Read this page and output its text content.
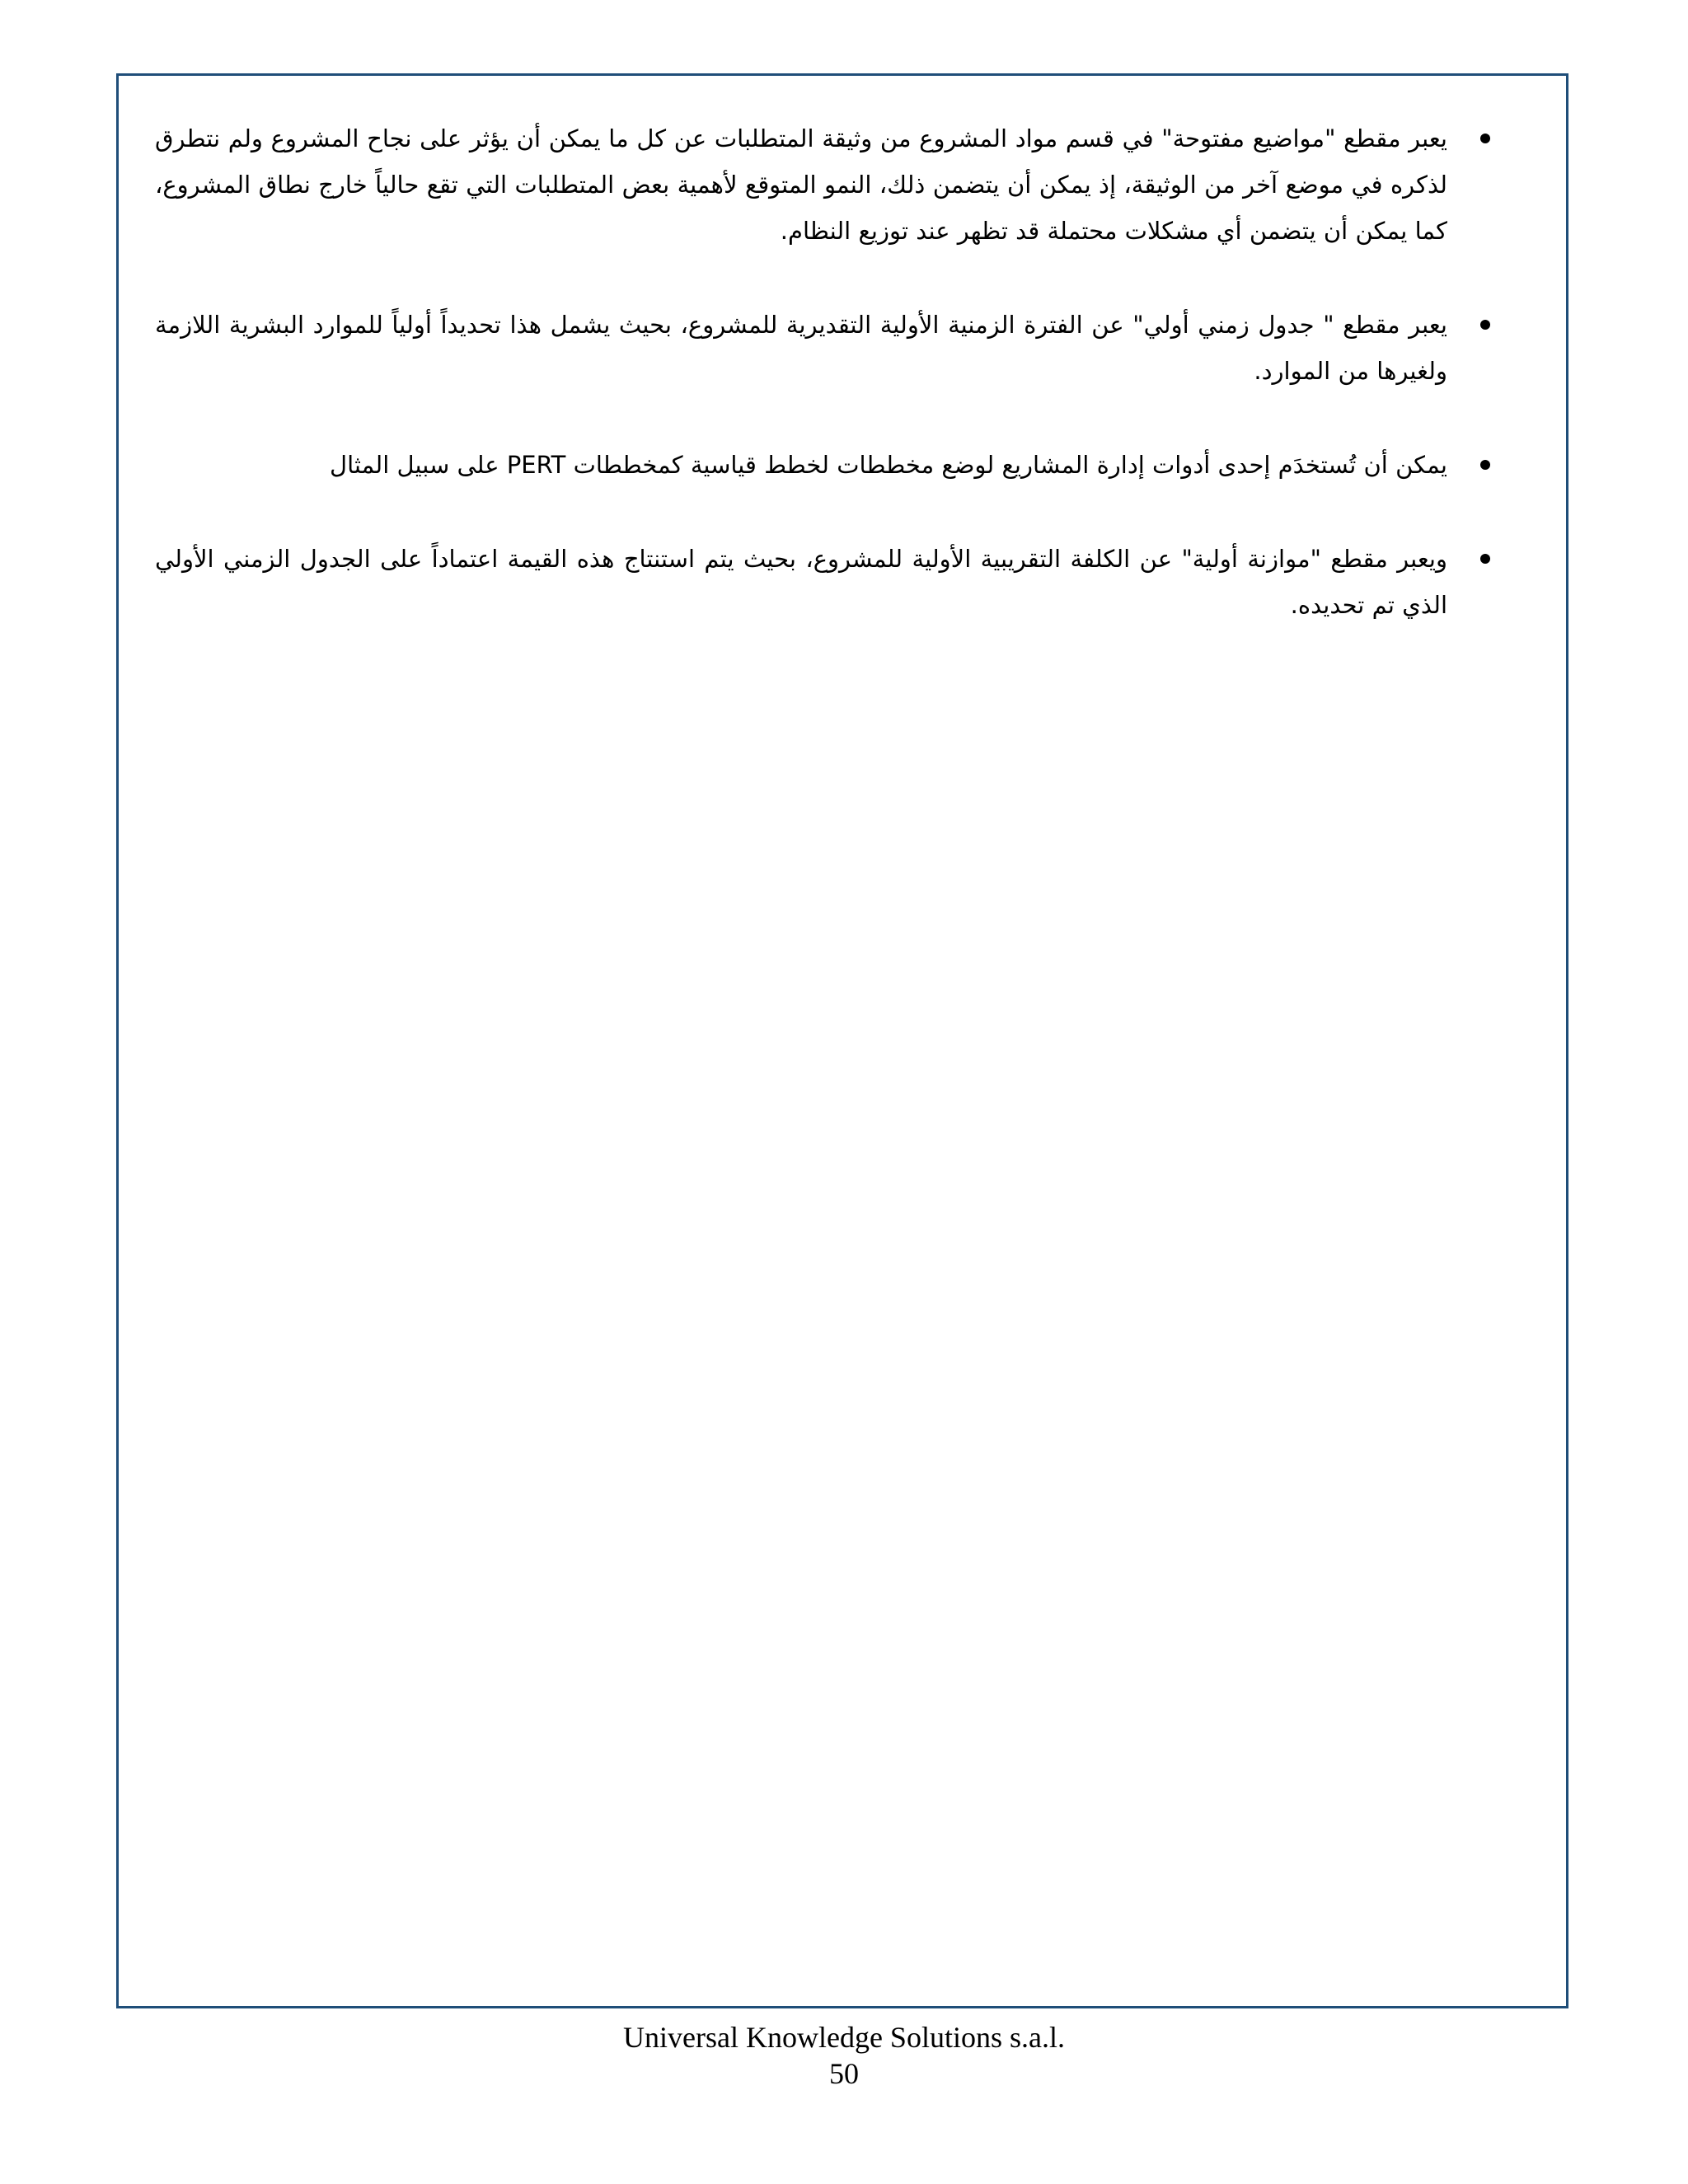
يعبر مقطع "مواضيع مفتوحة" في قسم مواد المشروع من وثيقة المتطلبات عن كل ما يمكن أن يؤثر على نجاح المشروع ولم نتطرق لذكره في موضع آخر من الوثيقة، إذ يمكن أن يتضمن ذلك، النمو المتوقع لأهمية بعض المتطلبات التي تقع حالياً خارج نطاق المشروع، كما يمكن أن يتضمن أي مشكلات محتملة قد تظهر عند توزيع النظام.
يعبر مقطع " جدول زمني أولي" عن الفترة الزمنية الأولية التقديرية للمشروع، بحيث يشمل هذا تحديداً أولياً للموارد البشرية اللازمة ولغيرها من الموارد.
يمكن أن تُستخدَم إحدى أدوات إدارة المشاريع لوضع مخططات لخطط قياسية كمخططات PERT على سبيل المثال
ويعبر مقطع "موازنة أولية" عن الكلفة التقريبية الأولية للمشروع، بحيث يتم استنتاج هذه القيمة اعتماداً على الجدول الزمني الأولي الذي تم تحديده.
Universal Knowledge Solutions s.a.l.
50
